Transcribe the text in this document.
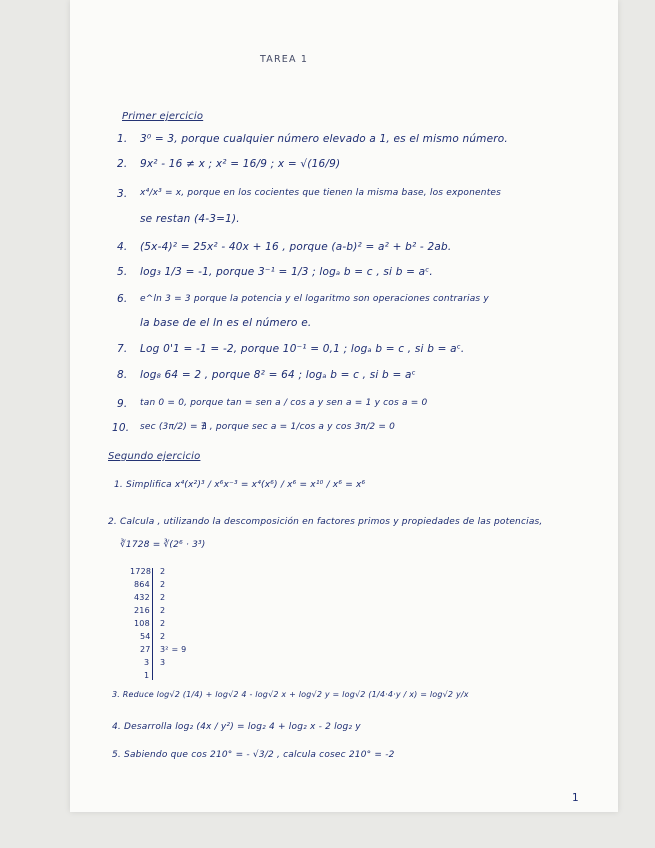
TAREA 1
Primer ejercicio
1. 3⁰ = 3, porque cualquier número elevado a 1, es el mismo número.
2. 9x² - 16 ≠ x ; x² = 16/9 ; x = √(16/9)
3. x⁴/x³ = x, porque en los cocientes que tienen la misma base, los exponentes
se restan (4-3=1).
4. (5x-4)² = 25x² - 40x + 16 , porque (a-b)² = a² + b² - 2ab.
5. log₃ 1/3 = -1, porque 3⁻¹ = 1/3 ; logₐ b = c , si b = aᶜ.
6. e^ln 3 = 3 porque la potencia y el logaritmo son operaciones contrarias y
la base de el ln es el número e.
7. Log 0'1 = -1 = -2, porque 10⁻¹ = 0,1 ; logₐ b = c , si b = aᶜ.
8. log₈ 64 = 2 , porque 8² = 64 ; logₐ b = c , si b = aᶜ
9. tan 0 = 0, porque tan = sen a / cos a y sen a = 1 y cos a = 0
10. sec (3π/2) = ∄ , porque sec a = 1/cos a y cos 3π/2 = 0
Segundo ejercicio
1. Simplifica x⁴(x²)³ / x⁶x⁻³ = x⁴(x⁶) / x⁶ = x¹⁰ / x⁶ = x⁶
2. Calcula , utilizando la descomposición en factores primos y propiedades de las potencias,
∛1728 = ∛(2⁶ · 3³)
1728
864
432
216
108
54
27
3
1
2
2
2
2
2
2
3² = 9
3
3. Reduce log√2 (1/4) + log√2 4 - log√2 x + log√2 y = log√2 (1/4·4·y / x) = log√2 y/x
4. Desarrolla log₂ (4x / y²) = log₂ 4 + log₂ x - 2 log₂ y
5. Sabiendo que cos 210° = - √3/2 , calcula cosec 210° = -2
1
